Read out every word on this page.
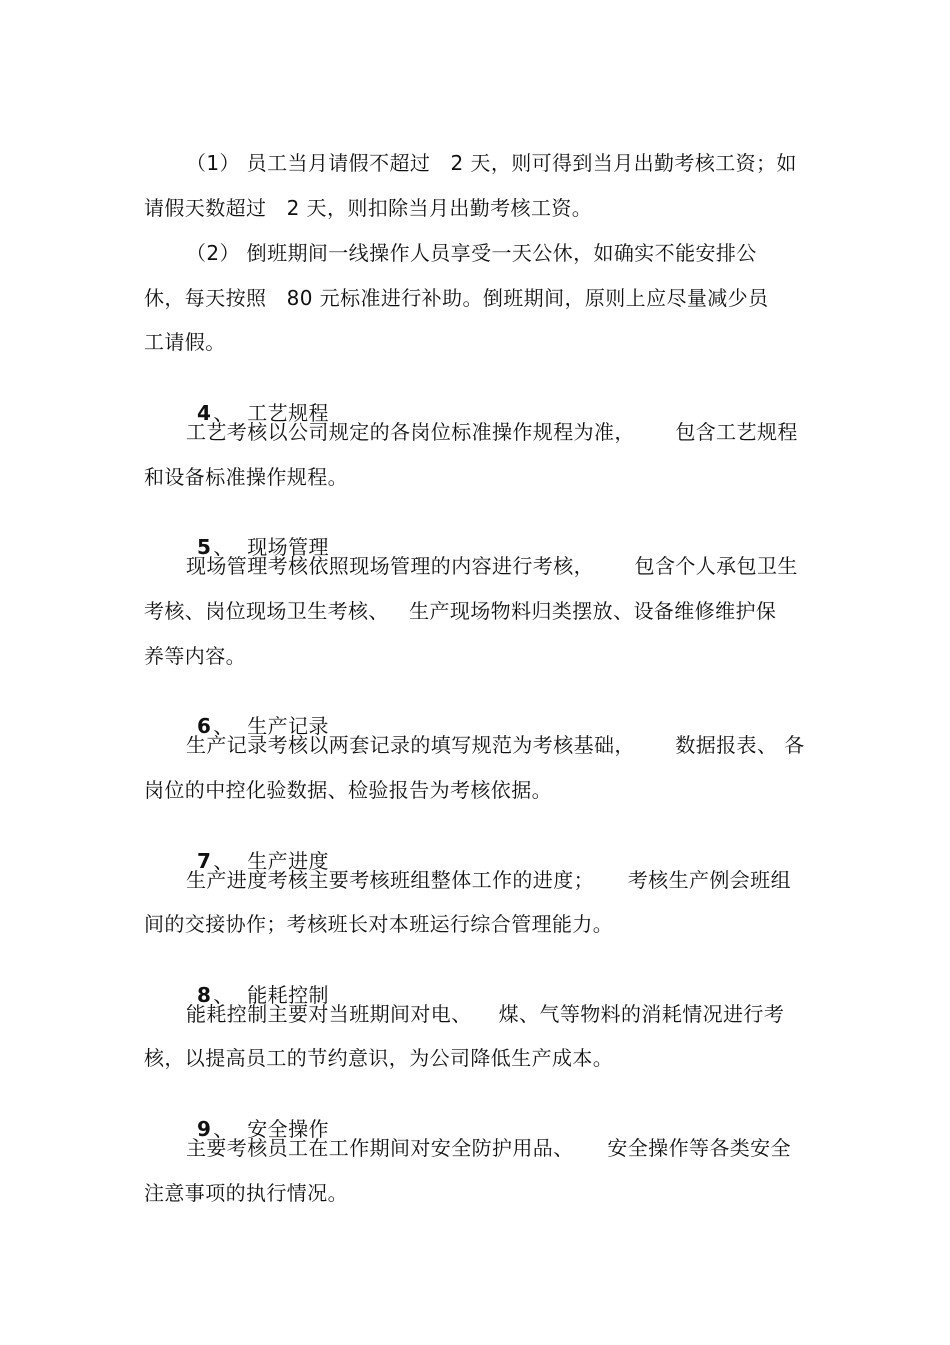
（1） 员工当月请假不超过   2 天，则可得到当月出勤考核工资；如
请假天数超过   2 天，则扣除当月出勤考核工资。
（2） 倒班期间一线操作人员享受一天公休，如确实不能安排公
休，每天按照   80 元标准进行补助。倒班期间，原则上应尽量减少员
工请假。

4 、 工艺规程

工艺考核以公司规定的各岗位标准操作规程为准，      包含工艺规程
和设备标准操作规程。

5 、 现场管理

现场管理考核依照现场管理的内容进行考核，      包含个人承包卫生
考核、岗位现场卫生考核、   生产现场物料归类摆放、设备维修维护保
养等内容。

6 、 生产记录

生产记录考核以两套记录的填写规范为考核基础，      数据报表、 各
岗位的中控化验数据、检验报告为考核依据。

7 、 生产进度

生产进度考核主要考核班组整体工作的进度；     考核生产例会班组
间的交接协作；考核班长对本班运行综合管理能力。

8 、 能耗控制

能耗控制主要对当班期间对电、    煤、气等物料的消耗情况进行考
核，以提高员工的节约意识，为公司降低生产成本。

9 、 安全操作

主要考核员工在工作期间对安全防护用品、     安全操作等各类安全
注意事项的执行情况。
